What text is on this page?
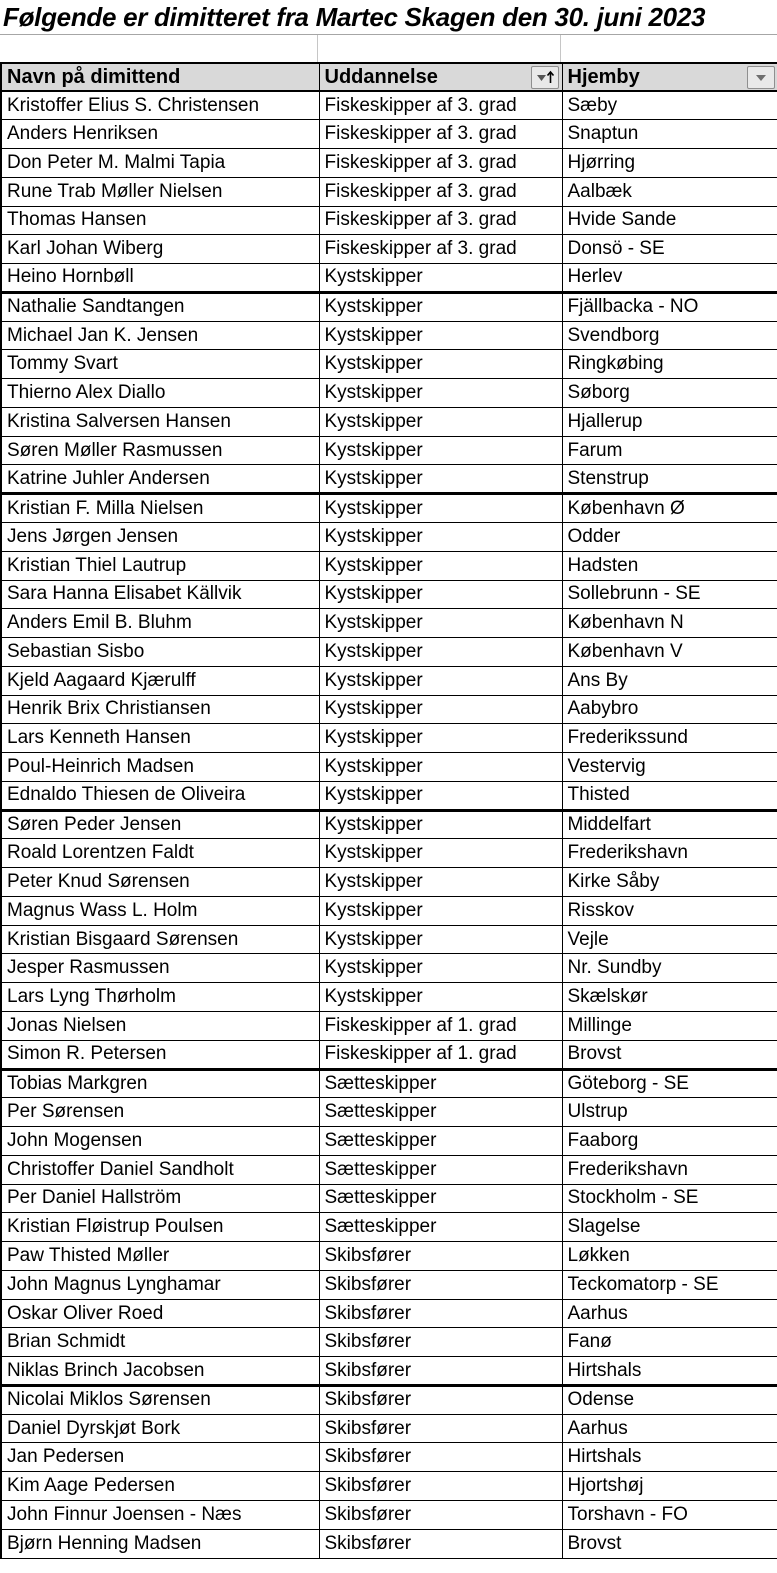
Følgende er dimitteret fra Martec Skagen den 30. juni 2023
Navn på dimittend	Uddannelse	Hjemby

Kristoffer Elius S. Christensen	Fiskeskipper af 3. grad	Sæby
Anders Henriksen	Fiskeskipper af 3. grad	Snaptun
Don Peter M. Malmi Tapia	Fiskeskipper af 3. grad	Hjørring
Rune Trab Møller Nielsen	Fiskeskipper af 3. grad	Aalbæk
Thomas Hansen	Fiskeskipper af 3. grad	Hvide Sande
Karl Johan Wiberg	Fiskeskipper af 3. grad	Donsö - SE
Heino Hornbøll	Kystskipper	Herlev
Nathalie Sandtangen	Kystskipper	Fjällbacka - NO
Michael Jan K. Jensen	Kystskipper	Svendborg
Tommy Svart	Kystskipper	Ringkøbing
Thierno Alex Diallo	Kystskipper	Søborg
Kristina Salversen Hansen	Kystskipper	Hjallerup
Søren Møller Rasmussen	Kystskipper	Farum
Katrine Juhler Andersen	Kystskipper	Stenstrup
Kristian F. Milla Nielsen	Kystskipper	København Ø
Jens Jørgen Jensen	Kystskipper	Odder
Kristian Thiel Lautrup	Kystskipper	Hadsten
Sara Hanna Elisabet Källvik	Kystskipper	Sollebrunn - SE
Anders Emil B. Bluhm	Kystskipper	København N
Sebastian Sisbo	Kystskipper	København V
Kjeld Aagaard Kjærulff	Kystskipper	Ans By
Henrik Brix Christiansen	Kystskipper	Aabybro
Lars Kenneth Hansen	Kystskipper	Frederikssund
Poul-Heinrich Madsen	Kystskipper	Vestervig
Ednaldo Thiesen de Oliveira	Kystskipper	Thisted
Søren Peder Jensen	Kystskipper	Middelfart
Roald Lorentzen Faldt	Kystskipper	Frederikshavn
Peter Knud Sørensen	Kystskipper	Kirke Såby
Magnus Wass L. Holm	Kystskipper	Risskov
Kristian Bisgaard Sørensen	Kystskipper	Vejle
Jesper Rasmussen	Kystskipper	Nr. Sundby
Lars Lyng Thørholm	Kystskipper	Skælskør
Jonas Nielsen	Fiskeskipper af 1. grad	Millinge
Simon R. Petersen	Fiskeskipper af 1. grad	Brovst
Tobias Markgren	Sætteskipper	Göteborg - SE
Per Sørensen	Sætteskipper	Ulstrup
John Mogensen	Sætteskipper	Faaborg
Christoffer Daniel Sandholt	Sætteskipper	Frederikshavn
Per Daniel Hallström	Sætteskipper	Stockholm - SE
Kristian Fløistrup Poulsen	Sætteskipper	Slagelse
Paw Thisted Møller	Skibsfører	Løkken
John Magnus Lynghamar	Skibsfører	Teckomatorp - SE
Oskar Oliver Roed	Skibsfører	Aarhus
Brian Schmidt	Skibsfører	Fanø
Niklas Brinch Jacobsen	Skibsfører	Hirtshals
Nicolai Miklos Sørensen	Skibsfører	Odense
Daniel Dyrskjøt Bork	Skibsfører	Aarhus
Jan Pedersen	Skibsfører	Hirtshals
Kim Aage Pedersen	Skibsfører	Hjortshøj
John Finnur Joensen - Næs	Skibsfører	Torshavn - FO
Bjørn Henning Madsen	Skibsfører	Brovst
